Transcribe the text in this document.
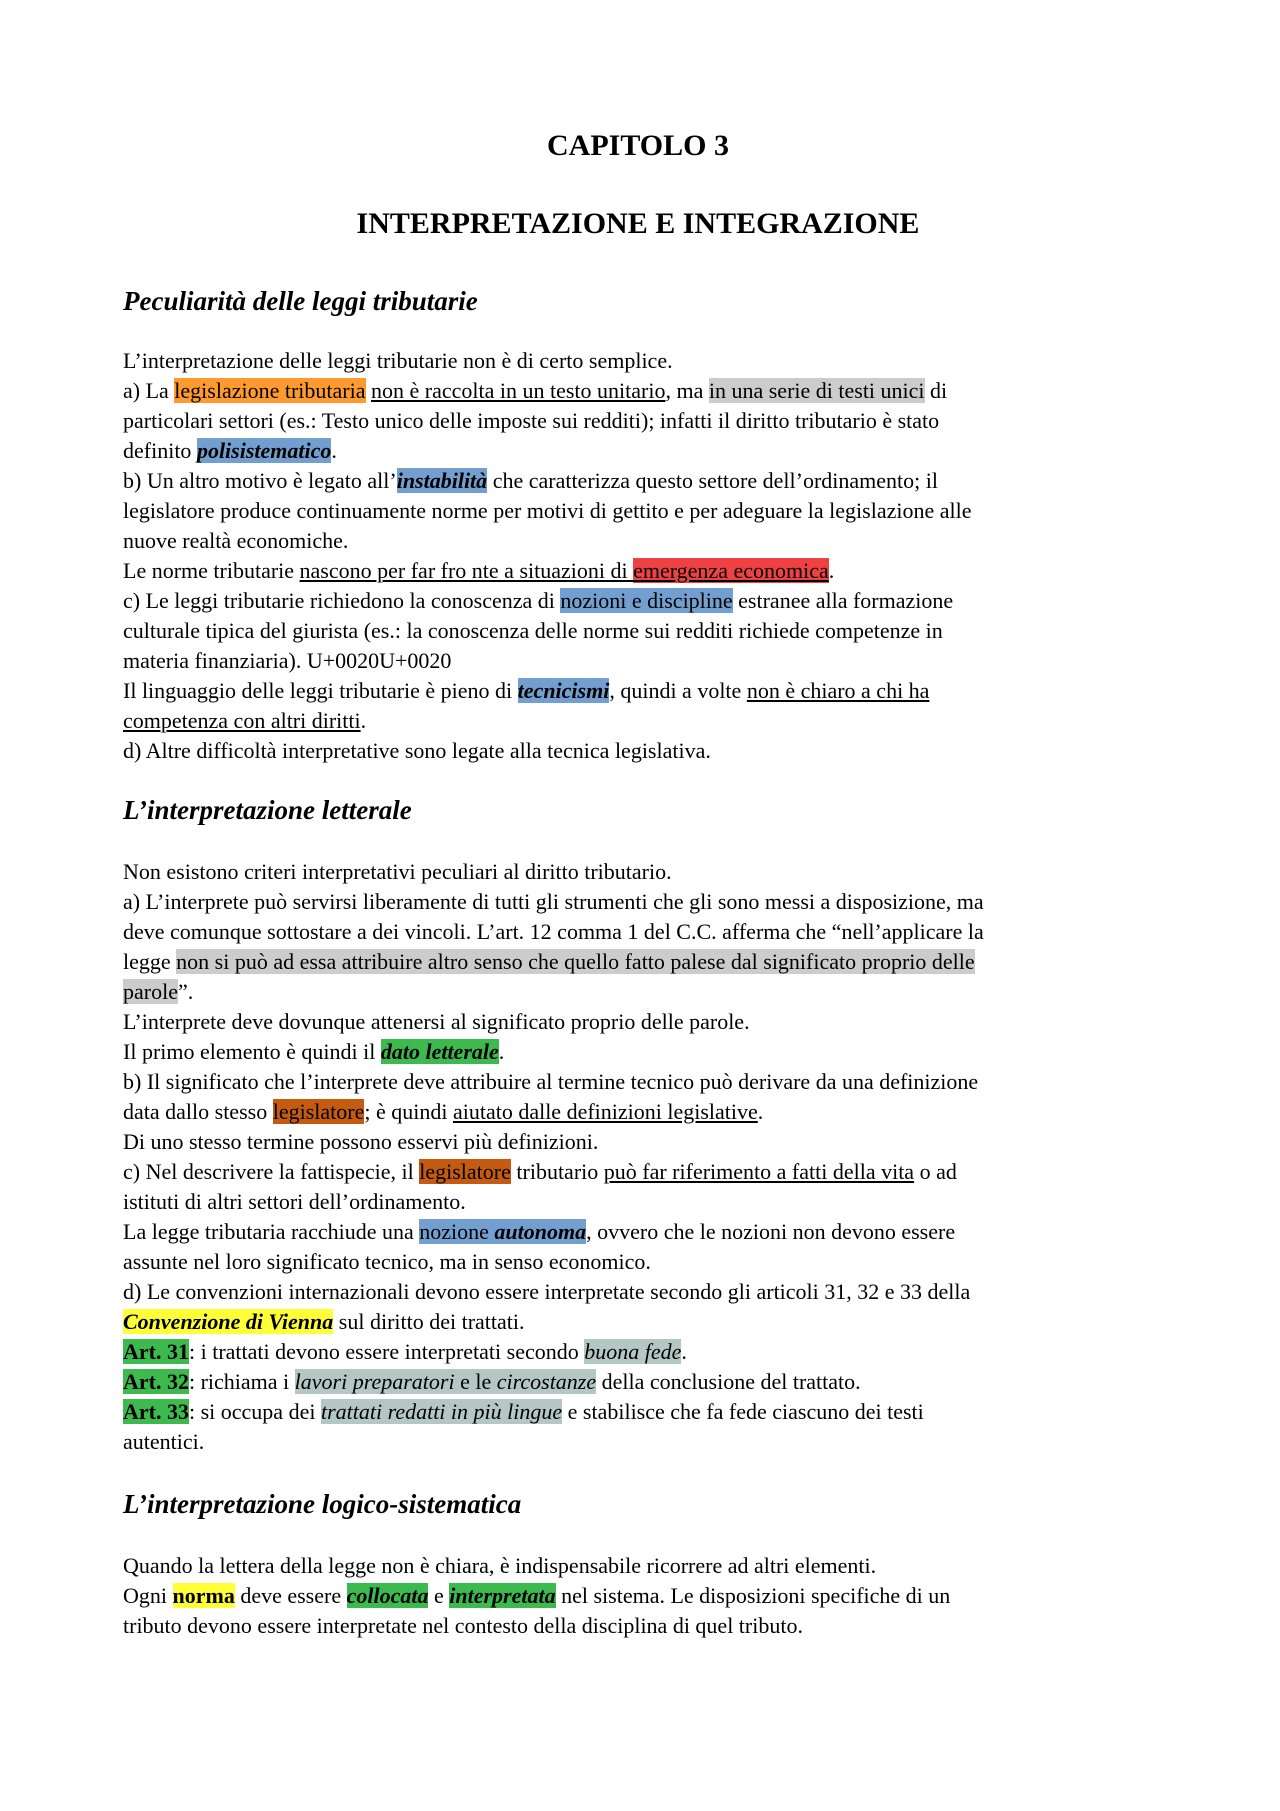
CAPITOLO 3
INTERPRETAZIONE E INTEGRAZIONE
Peculiarità delle leggi tributarie

L’interpretazione delle leggi tributarie non è di certo semplice.

a) La legislazione tributaria non è raccolta in un testo unitario, ma in una serie di testi unici di

particolari settori (es.: Testo unico delle imposte sui redditi); infatti il diritto tributario è stato

definito polisistematico.

b) Un altro motivo è legato all’instabilità che caratterizza questo settore dell’ordinamento; il

legislatore produce continuamente norme per motivi di gettito e per adeguare la legislazione alle

nuove realtà economiche.

Le norme tributarie nascono per far fro nte a situazioni di emergenza economica.

c) Le leggi tributarie richiedono la conoscenza di nozioni e discipline estranee alla formazione

culturale tipica del giurista (es.: la conoscenza delle norme sui redditi richiede competenze in

materia finanziaria). U+0020U+0020

Il linguaggio delle leggi tributarie è pieno di tecnicismi, quindi a volte non è chiaro a chi ha

competenza con altri diritti.

d) Altre difficoltà interpretative sono legate alla tecnica legislativa.

L’interpretazione letterale

Non esistono criteri interpretativi peculiari al diritto tributario.

a) L’interprete può servirsi liberamente di tutti gli strumenti che gli sono messi a disposizione, ma

deve comunque sottostare a dei vincoli. L’art. 12 comma 1 del C.C. afferma che “nell’applicare la

legge non si può ad essa attribuire altro senso che quello fatto palese dal significato proprio delle

parole”.

L’interprete deve dovunque attenersi al significato proprio delle parole.

Il primo elemento è quindi il dato letterale.

b) Il significato che l’interprete deve attribuire al termine tecnico può derivare da una definizione

data dallo stesso legislatore; è quindi aiutato dalle definizioni legislative.

Di uno stesso termine possono esservi più definizioni.

c) Nel descrivere la fattispecie, il legislatore tributario può far riferimento a fatti della vita o ad

istituti di altri settori dell’ordinamento.

La legge tributaria racchiude una nozione autonoma, ovvero che le nozioni non devono essere

assunte nel loro significato tecnico, ma in senso economico.

d) Le convenzioni internazionali devono essere interpretate secondo gli articoli 31, 32 e 33 della

Convenzione di Vienna sul diritto dei trattati.

Art. 31: i trattati devono essere interpretati secondo buona fede.

Art. 32: richiama i lavori preparatori e le circostanze della conclusione del trattato.

Art. 33: si occupa dei trattati redatti in più lingue e stabilisce che fa fede ciascuno dei testi

autentici.

L’interpretazione logico-sistematica

Quando la lettera della legge non è chiara, è indispensabile ricorrere ad altri elementi.

Ogni norma deve essere collocata e interpretata nel sistema. Le disposizioni specifiche di un

tributo devono essere interpretate nel contesto della disciplina di quel tributo.
